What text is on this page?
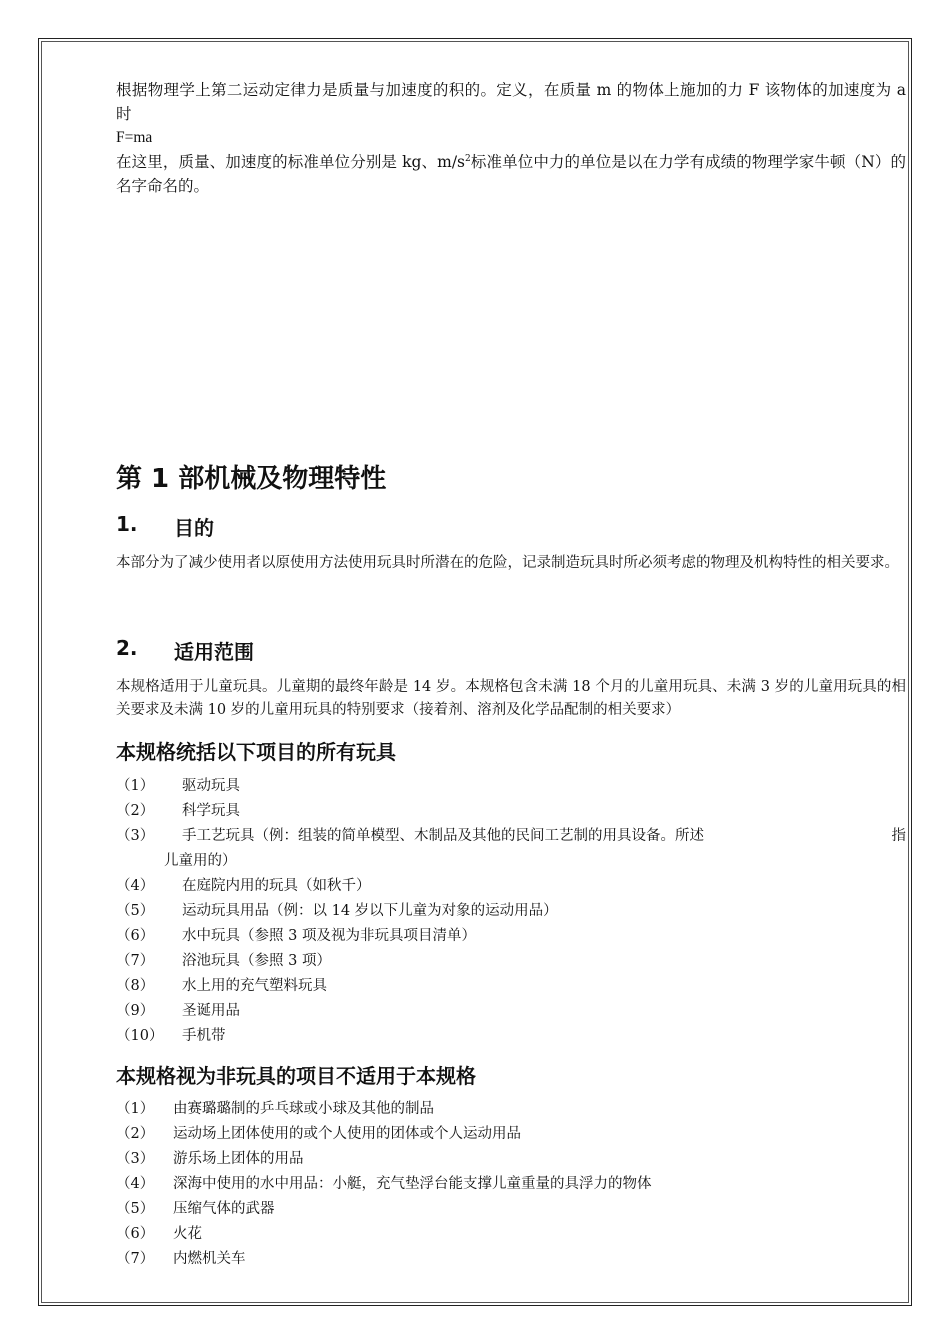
根据物理学上第二运动定律力是质量与加速度的积的。定义，在质量 m 的物体上施加的力 F 该物体的加速度为 a 时

F=ma

在这里，质量、加速度的标准单位分别是 kg、$m/s^2$标准单位中力的单位是以在力学有成绩的物理学家牛顿（N）的名字命名的。

第 1 部机械及物理特性
1.	目的

本部分为了减少使用者以原使用方法使用玩具时所潜在的危险，记录制造玩具时所必须考虑的物理及机构特性的相关要求。

2.	适用范围

本规格适用于儿童玩具。儿童期的最终年龄是 14 岁。本规格包含未满 18 个月的儿童用玩具、未满 3 岁的儿童用玩具的相关要求及未满 10 岁的儿童用玩具的特别要求（接着剂、溶剂及化学品配制的相关要求）

本规格统括以下项目的所有玩具
（1）	驱动玩具
（2）	科学玩具
（3）	手工艺玩具（例：组装的简单模型、木制品及其他的民间工艺制的用具设备。所述	指
儿童用的）
（4）	在庭院内用的玩具（如秋千）
（5）	运动玩具用品（例：以 14 岁以下儿童为对象的运动用品）
（6）	水中玩具（参照 3 项及视为非玩具项目清单）
（7）	浴池玩具（参照 3 项）
（8）	水上用的充气塑料玩具
（9）	圣诞用品
（10）	手机带
本规格视为非玩具的项目不适用于本规格
（1）	由赛璐璐制的乒乓球或小球及其他的制品
（2）	运动场上团体使用的或个人使用的团体或个人运动用品
（3）	游乐场上团体的用品
（4）	深海中使用的水中用品：小艇，充气垫浮台能支撑儿童重量的具浮力的物体
（5）	压缩气体的武器
（6）	火花
（7）	内燃机关车
